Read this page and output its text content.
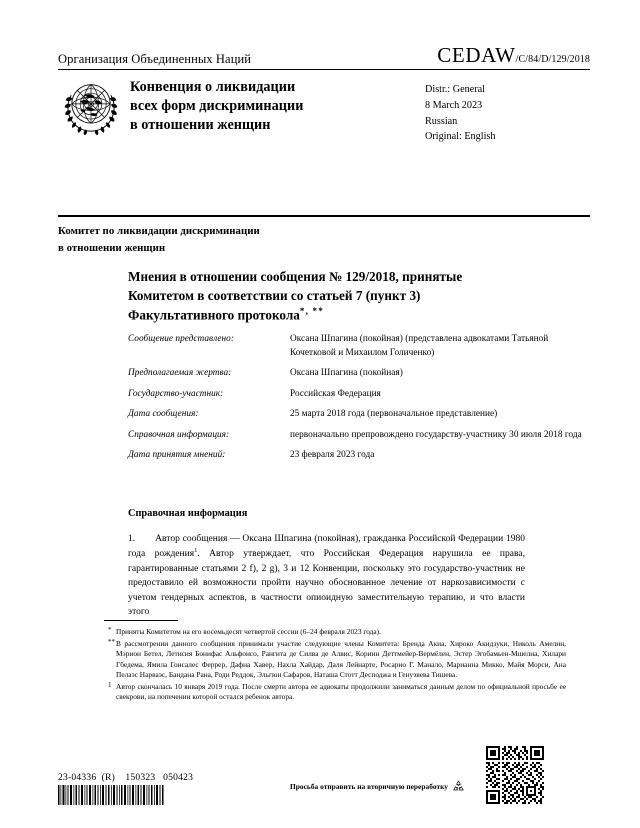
Организация Объединенных Наций	CEDAW /C/84/D/129/2018
Конвенция о ликвидации
всех форм дискриминации
в отношении женщин
Distr.: General
8 March 2023
Russian
Original: English
Комитет по ликвидации дискриминации
в отношении женщин
Мнения в отношении сообщения № 129/2018, принятые
Комитетом в соответствии со статьей 7 (пункт 3)
Факультативного протокола*, **
Сообщение представлено:	Оксана Шпагина (покойная) (представлена адвокатами Татьяной Кочетковой и Михаилом Голиченко)
Предполагаемая жертва:	Оксана Шпагина (покойная)
Государство-участник:	Российская Федерация
Дата сообщения:	25 марта 2018 года (первоначальное представление)
Справочная информация:	первоначально препровождено государству-участнику 30 июля 2018 года
Дата принятия мнений:	23 февраля 2023 года
Справочная информация
1. Автор сообщения — Оксана Шпагина (покойная), гражданка Российской Федерации 1980 года рождения$^1$. Автор утверждает, что Российская Федерация нарушила ее права, гарантированные статьями 2 f), 2 g), 3 и 12 Конвенции, поскольку это государство-участник не предоставило ей возможности пройти научно обоснованное лечение от наркозависимости с учетом гендерных аспектов, в частности опиоидную заместительную терапию, и что власти этого
* Приняты Комитетом на его восемьдесят четвертой сессии (6–24 февраля 2023 года).
** В рассмотрении данного сообщения принимали участие следующие члены Комитета: Бренда Акиа, Хироко Акидзуки, Николь Амелин, Мэрион Бетел, Летисия Бонифас Альфонсо, Рангита де Силва де Алвис, Коринн Деттмейер-Вермёлен, Эстер Эгобамьен-Мшелиа, Хилари Гбедема, Ямила Гонсалес Феррер, Дафна Хавер, Нахла Хайдар, Даля Лейнарте, Росарио Г. Манало, Марианна Микко, Майя Морси, Ана Пелаэс Нарваэс, Бандана Рана, Роди Реддок, Эльгюн Сафаров, Наташа Стотт Десподжа и Генуэвева Тишева.
1 Автор скончалась 10 января 2019 года. После смерти автора ее адвокаты продолжили заниматься данным делом по официальной просьбе ее свекрови, на попечении которой остался ребенок автора.
23-04336  (R) 150323 050423
Просьба отправить на вторичную переработку
